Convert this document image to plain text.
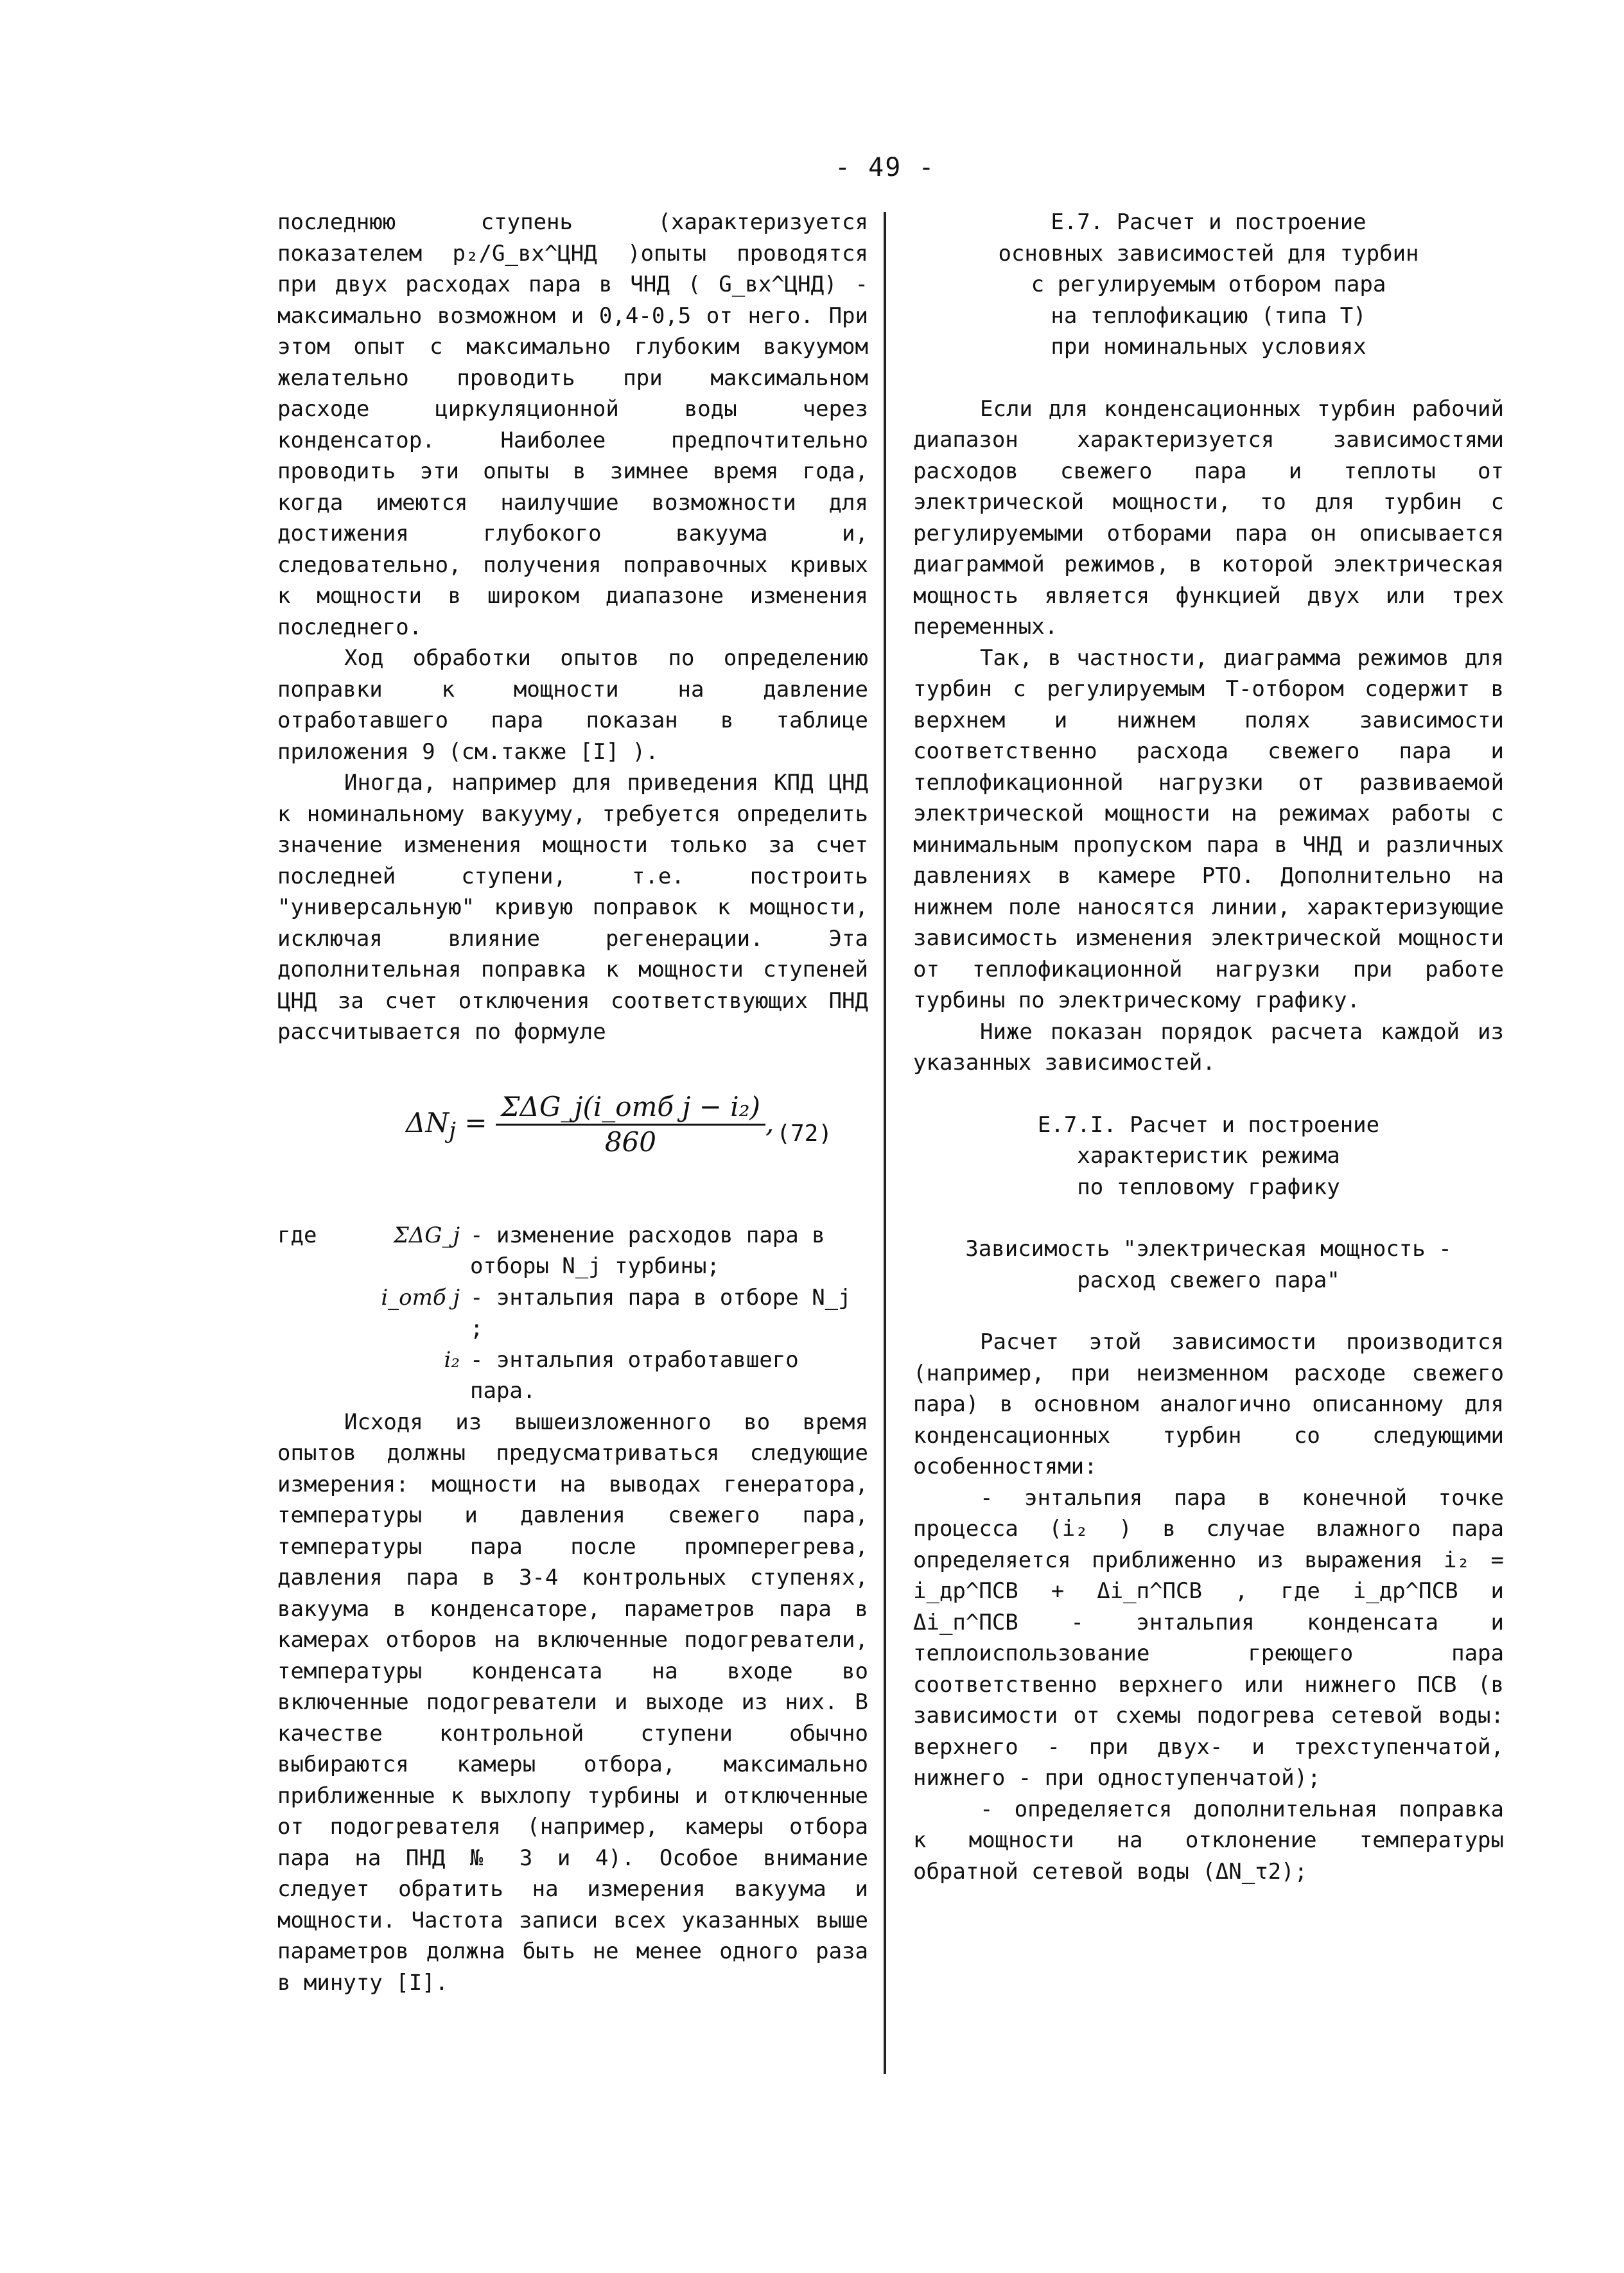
- 49 -

последнюю ступень (характеризуется показателем p₂/G_вх^ЦНД )опыты проводятся при двух расходах пара в ЧНД ( G_вх^ЦНД) - максимально возможном и 0,4-0,5 от него. При этом опыт с максимально глубоким вакуумом желательно проводить при максимальном расходе циркуляционной воды через конденсатор. Наиболее предпочтительно проводить эти опыты в зимнее время года, когда имеются наилучшие возможности для достижения глубокого вакуума и, следовательно, получения поправочных кривых к мощности в широком диапазоне изменения последнего.

Ход обработки опытов по определению поправки к мощности на давление отработавшего пара показан в таблице приложения 9 (см.также [I] ).

Иногда, например для приведения КПД ЦНД к номинальному вакууму, требуется определить значение изменения мощности только за счет последней ступени, т.е. построить "универсальную" кривую поправок к мощности, исключая влияние регенерации. Эта дополнительная поправка к мощности ступеней ЦНД за счет отключения соответствующих ПНД рассчитывается по формуле

$\Delta N_j = \frac{\text{ΣΔG\_j(i\_отб j − i₂)}}{860}$ , (72)
где	ΣΔG_j - изменение расходов пара в отборы N_j турбины;
i_отб j - энтальпия пара в отборе N_j ;
i₂ - энтальпия отработавшего пара.

Исходя из вышеизложенного во время опытов должны предусматриваться следующие измерения: мощности на выводах генератора, температуры и давления свежего пара, температуры пара после промперегрева, давления пара в 3-4 контрольных ступенях, вакуума в конденсаторе, параметров пара в камерах отборов на включенные подогреватели, температуры конденсата на входе во включенные подогреватели и выходе из них. В качестве контрольной ступени обычно выбираются камеры отбора, максимально приближенные к выхлопу турбины и отключенные от подогревателя (например, камеры отбора пара на ПНД № 3 и 4). Особое внимание следует обратить на измерения вакуума и мощности. Частота записи всех указанных выше параметров должна быть не менее одного раза в минуту [I].

Е.7. Расчет и построение

основных зависимостей для турбин

с регулируемым отбором пара

на теплофикацию (типа Т)

при номинальных условиях

Если для конденсационных турбин рабочий диапазон характеризуется зависимостями расходов свежего пара и теплоты от электрической мощности, то для турбин с регулируемыми отборами пара он описывается диаграммой режимов, в которой электрическая мощность является функцией двух или трех переменных.

Так, в частности, диаграмма режимов для турбин с регулируемым Т-отбором содержит в верхнем и нижнем полях зависимости соответственно расхода свежего пара и теплофикационной нагрузки от развиваемой электрической мощности на режимах работы с минимальным пропуском пара в ЧНД и различных давлениях в камере РТО. Дополнительно на нижнем поле наносятся линии, характеризующие зависимость изменения электрической мощности от теплофикационной нагрузки при работе турбины по электрическому графику.

Ниже показан порядок расчета каждой из указанных зависимостей.

Е.7.I. Расчет и построение

характеристик режима

по тепловому графику

Зависимость "электрическая мощность -

расход свежего пара"

Расчет этой зависимости производится (например, при неизменном расходе свежего пара) в основном аналогично описанному для конденсационных турбин со следующими особенностями:

- энтальпия пара в конечной точке процесса (i₂ ) в случае влажного пара определяется приближенно из выражения i₂ = i_др^ПСВ + Δi_п^ПСВ , где i_др^ПСВ и Δi_п^ПСВ - энтальпия конденсата и теплоиспользование греющего пара соответственно верхнего или нижнего ПСВ (в зависимости от схемы подогрева сетевой воды: верхнего - при двух- и трехступенчатой, нижнего - при одноступенчатой);

- определяется дополнительная поправка к мощности на отклонение температуры обратной сетевой воды (ΔN_τ2);
